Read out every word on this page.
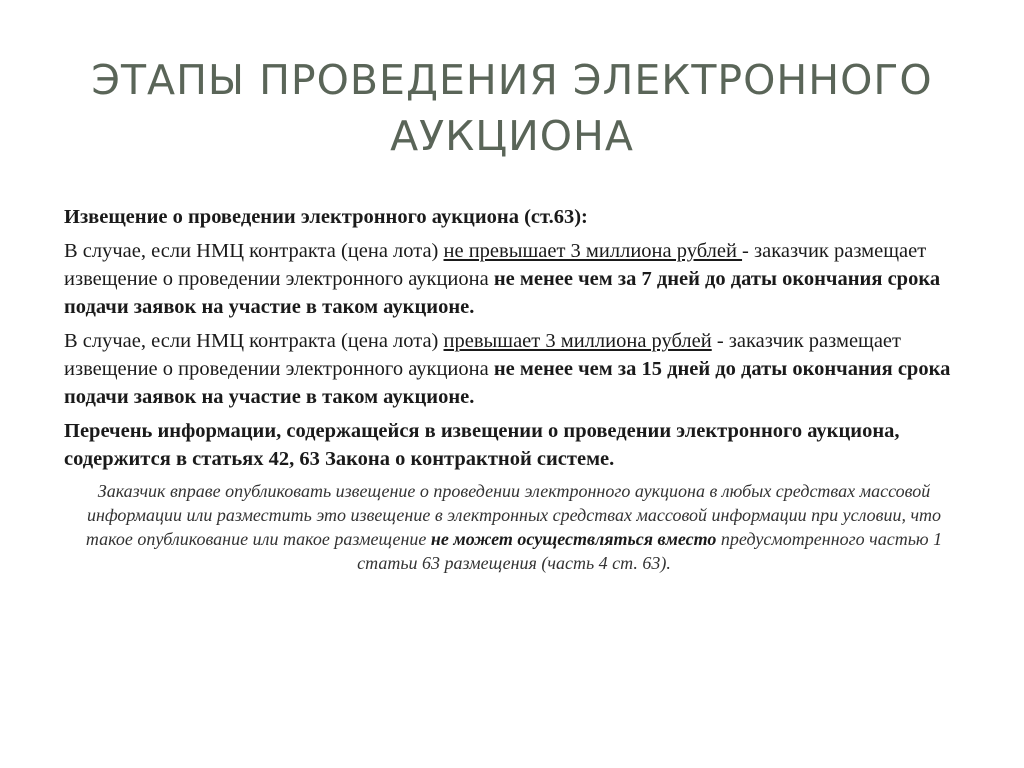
ЭТАПЫ ПРОВЕДЕНИЯ ЭЛЕКТРОННОГО АУКЦИОНА

Извещение о проведении электронного аукциона (ст.63):

В случае, если НМЦ контракта (цена лота) не превышает 3 миллиона рублей - заказчик размещает извещение о проведении электронного аукциона не менее чем за 7 дней до даты окончания срока подачи заявок на участие в таком аукционе.

В случае, если НМЦ контракта (цена лота) превышает 3 миллиона рублей - заказчик размещает извещение о проведении электронного аукциона не менее чем за 15 дней до даты окончания срока подачи заявок на участие в таком аукционе.

Перечень информации, содержащейся в извещении о проведении электронного аукциона, содержится в статьях 42, 63 Закона о контрактной системе.

Заказчик вправе опубликовать извещение о проведении электронного аукциона в любых средствах массовой информации или разместить это извещение в электронных средствах массовой информации при условии, что такое опубликование или такое размещение не может осуществляться вместо предусмотренного частью 1 статьи 63 размещения (часть 4 ст. 63).
